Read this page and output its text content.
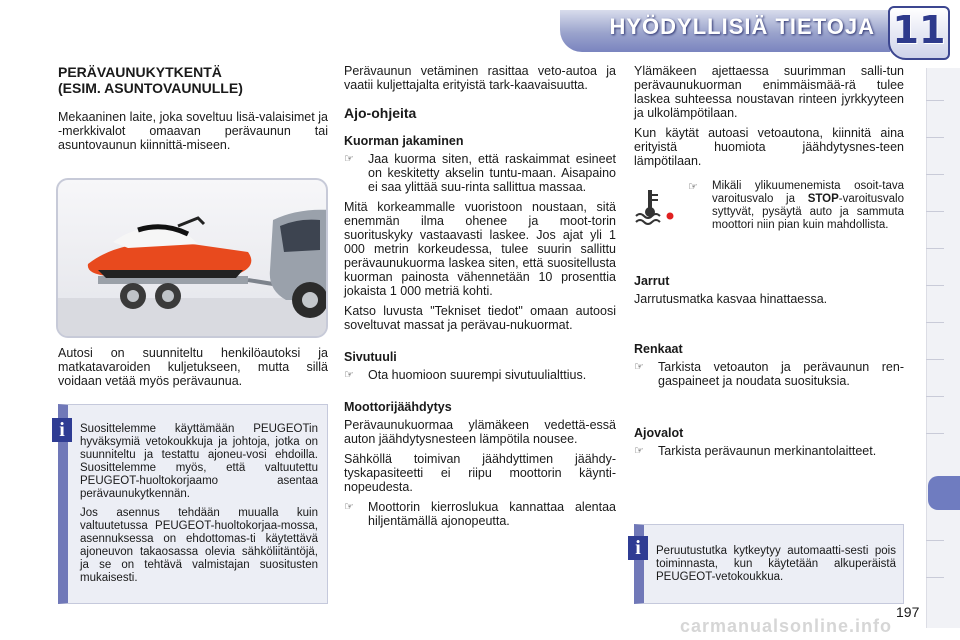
HYÖDYLLISIÄ TIETOJA 11
PERÄVAUNUKYTKENTÄ
(ESIM. ASUNTOVAUNULLE)

Mekaaninen laite, joka soveltuu lisä-valaisimet ja -merkkivalot omaavan perävaunun tai asuntovaunun kiinnittä-miseen.

Autosi on suunniteltu henkilöautoksi ja matkatavaroiden kuljetukseen, mutta sillä voidaan vetää myös perävaunua.

Suosittelemme käyttämään PEUGEOTin hyväksymiä vetokoukkuja ja johtoja, jotka on suunniteltu ja testattu ajoneu-vosi ehdoilla. Suosittelemme myös, että valtuutettu PEUGEOT-huoltokorjaamo asentaa perävaunukytkennän.

Jos asennus tehdään muualla kuin valtuutetussa PEUGEOT-huoltokorjaa-mossa, asennuksessa on ehdottomas-ti käytettävä ajoneuvon takaosassa olevia sähköliitäntöjä, ja se on tehtävä valmistajan suositusten mukaisesti.

i

Perävaunun vetäminen rasittaa veto-autoa ja vaatii kuljettajalta erityistä tark-kaavaisuutta.

Ajo-ohjeita
Kuorman jakaminen
☞	Jaa kuorma siten, että raskaimmat esineet on keskitetty akselin tuntu-maan. Aisapaino ei saa ylittää suu-rinta sallittua massaa.

Mitä korkeammalle vuoristoon noustaan, sitä enemmän ilma ohenee ja moot-torin suorituskyky vastaavasti laskee. Jos ajat yli 1 000 metrin korkeudessa, tulee suurin sallittu perävaunukuorma laskea siten, että suositellusta kuorman painosta vähennetään 10 prosenttia jokaista 1 000 metriä kohti.

Katso luvusta "Tekniset tiedot" omaan autoosi soveltuvat massat ja perävau-nukuormat.

Sivutuuli
☞	Ota huomioon suurempi sivutuulialttius.
Moottorijäähdytys

Perävaunukuormaa ylämäkeen vedettä-essä auton jäähdytysnesteen lämpötila nousee.

Sähköllä toimivan jäähdyttimen jäähdy-tyskapasiteetti ei riipu moottorin käynti-nopeudesta.

☞	Moottorin kierroslukua kannattaa alentaa hiljentämällä ajonopeutta.

Ylämäkeen ajettaessa suurimman salli-tun perävaunukuorman enimmäismää-rä tulee laskea suhteessa noustavan rinteen jyrkkyyteen ja ulkolämpötilaan.

Kun käytät autoasi vetoautona, kiinnitä aina erityistä huomiota jäähdytysnes-teen lämpötilaan.

☞	Mikäli ylikuumenemista osoit-tava varoitusvalo ja STOP-varoitusvalo syttyvät, pysäytä auto ja sammuta moottori niin pian kuin mahdollista.
Jarrut

Jarrutusmatka kasvaa hinattaessa.

Renkaat
☞	Tarkista vetoauton ja perävaunun ren-gaspaineet ja noudata suosituksia.
Ajovalot
☞	Tarkista perävaunun merkinantolaitteet.
Peruutustutka kytkeytyy automaatti-sesti pois toiminnasta, kun käytetään alkuperäistä PEUGEOT-vetokoukkua.
i
197
carmanualsonline.info
